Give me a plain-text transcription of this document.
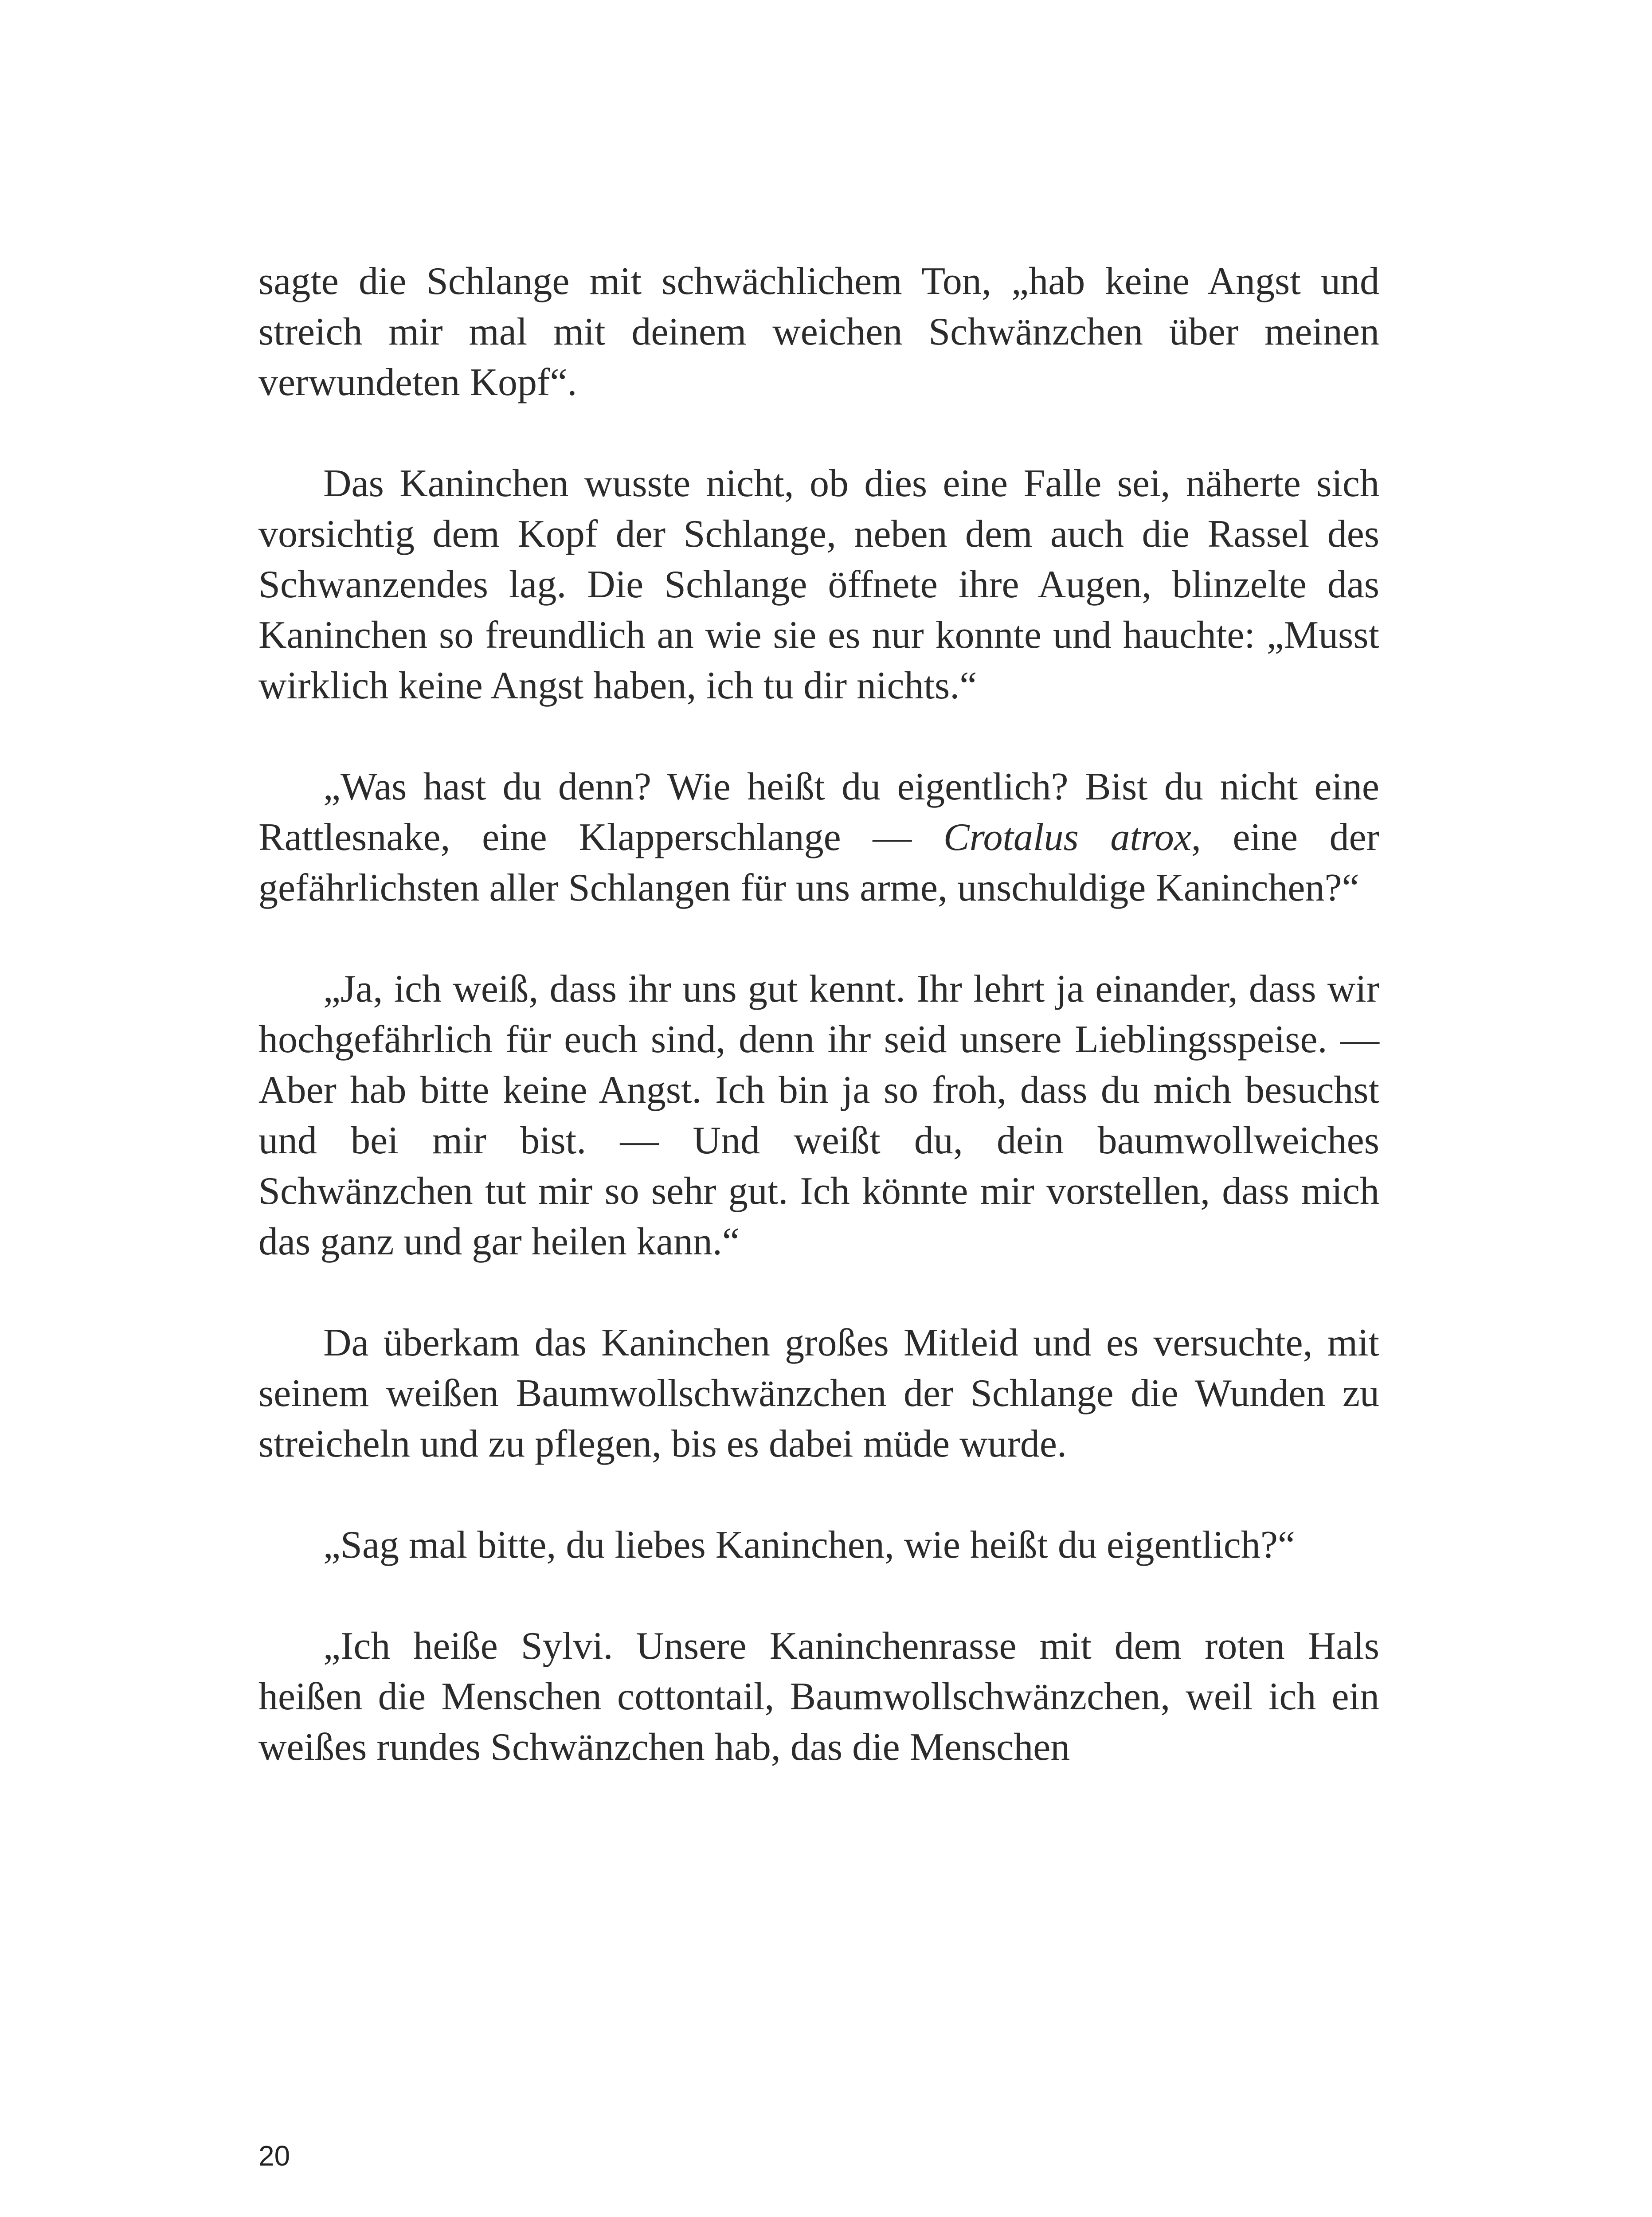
sagte die Schlange mit schwächlichem Ton, „hab keine Angst und streich mir mal mit deinem weichen Schwänzchen über meinen verwundeten Kopf“.

Das Kaninchen wusste nicht, ob dies eine Falle sei, näherte sich vorsichtig dem Kopf der Schlange, neben dem auch die Rassel des Schwanzendes lag. Die Schlange öffnete ihre Augen, blinzelte das Kaninchen so freundlich an wie sie es nur konnte und hauchte: „Musst wirklich keine Angst haben, ich tu dir nichts.“

„Was hast du denn? Wie heißt du eigentlich? Bist du nicht eine Rattlesnake, eine Klapperschlange — Crotalus atrox, eine der gefährlichsten aller Schlangen für uns arme, unschuldige Kaninchen?“

„Ja, ich weiß, dass ihr uns gut kennt. Ihr lehrt ja einander, dass wir hochgefährlich für euch sind, denn ihr seid unsere Lieblingsspeise. — Aber hab bitte keine Angst. Ich bin ja so froh, dass du mich besuchst und bei mir bist. — Und weißt du, dein baumwollweiches Schwänzchen tut mir so sehr gut. Ich könnte mir vorstellen, dass mich das ganz und gar heilen kann.“

Da überkam das Kaninchen großes Mitleid und es versuchte, mit seinem weißen Baumwollschwänzchen der Schlange die Wunden zu streicheln und zu pflegen, bis es dabei müde wurde.

„Sag mal bitte, du liebes Kaninchen, wie heißt du eigentlich?“

„Ich heiße Sylvi. Unsere Kaninchenrasse mit dem roten Hals heißen die Menschen cottontail, Baumwollschwänzchen, weil ich ein weißes rundes Schwänzchen hab, das die Menschen

20
